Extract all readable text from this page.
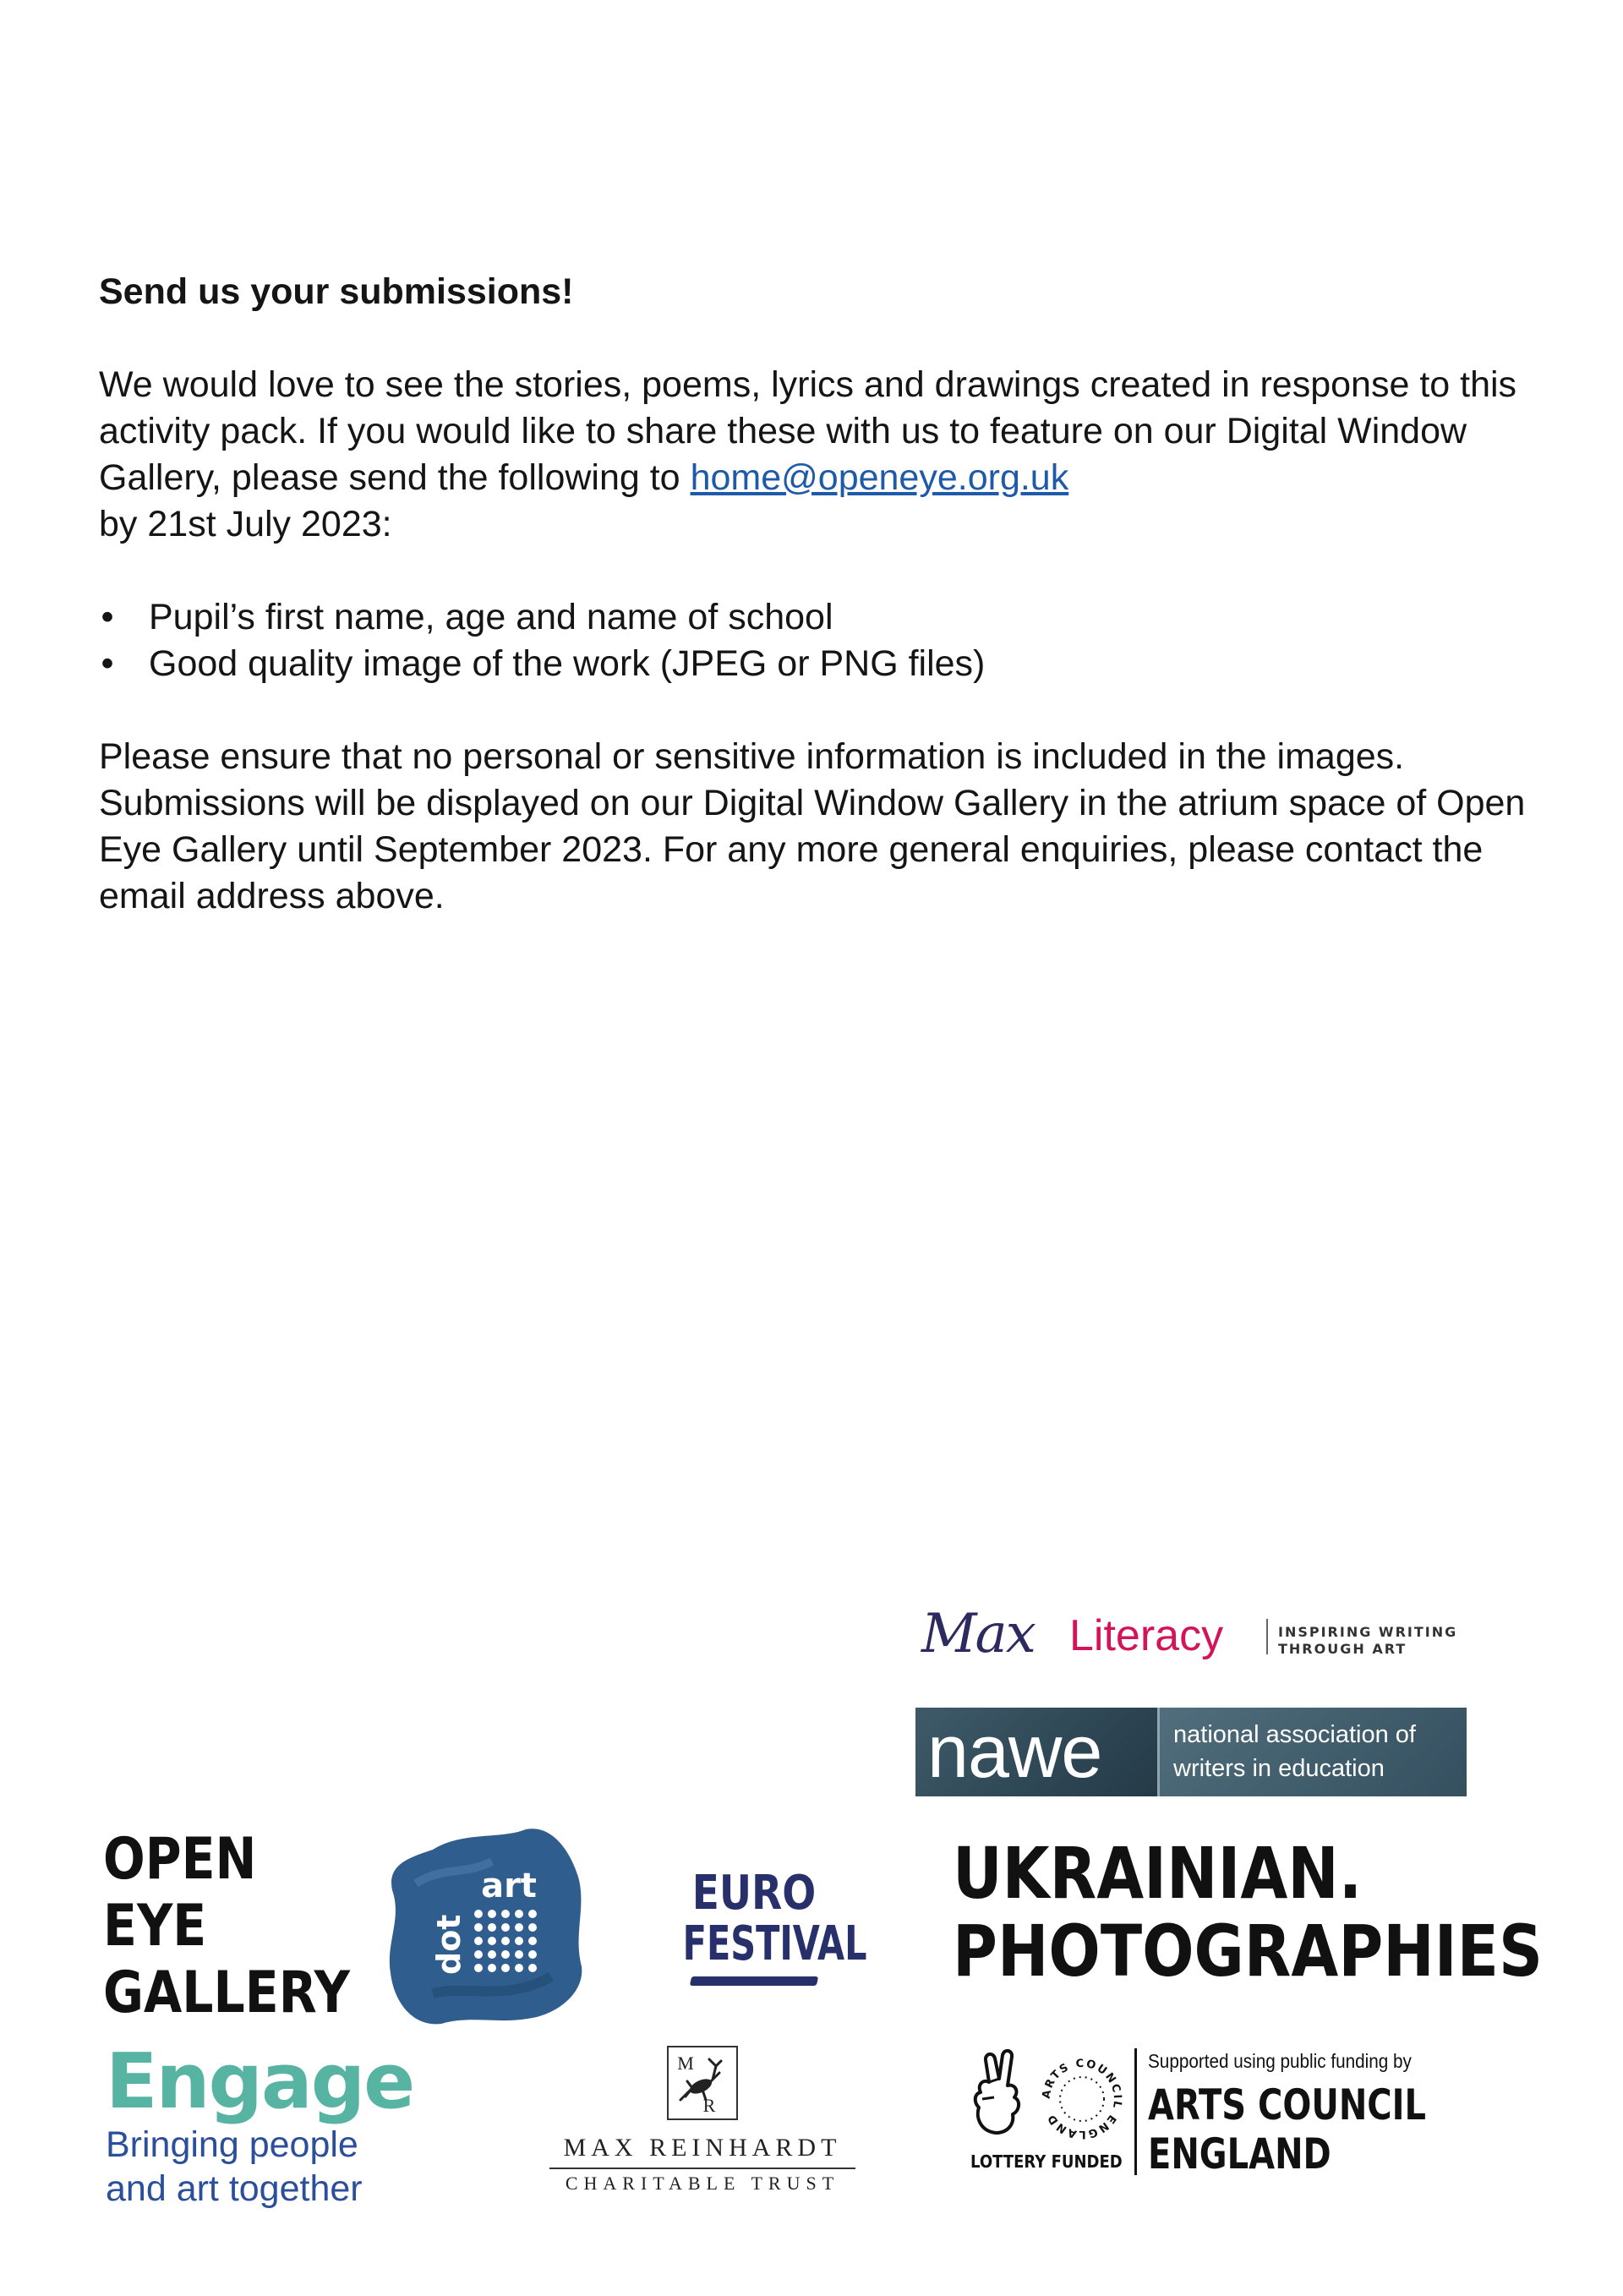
Send us your submissions!

We would love to see the stories, poems, lyrics and drawings created in response to this activity pack. If you would like to share these with us to feature on our Digital Window Gallery, please send the following to home@openeye.org.uk
by 21st July 2023:

• Pupil’s first name, age and name of school
• Good quality image of the work (JPEG or PNG files)

Please ensure that no personal or sensitive information is included in the images. Submissions will be displayed on our Digital Window Gallery in the atrium space of Open Eye Gallery until September 2023. For any more general enquiries, please contact the email address above.

Max Literacy	INSPIRING WRITING
THROUGH ART
nawe	national association of
writers in education
OPEN
EYE
GALLERY
art
dot
EURO
FESTIVAL
UKRAINIAN.
PHOTOGRAPHIES
Engage
Bringing people
and art together
M
R
MAX REINHARDT
CHARITABLE TRUST
LOTTERY FUNDED
ARTS COUNCIL ENGLAND
Supported using public funding by
ARTS COUNCIL
ENGLAND
